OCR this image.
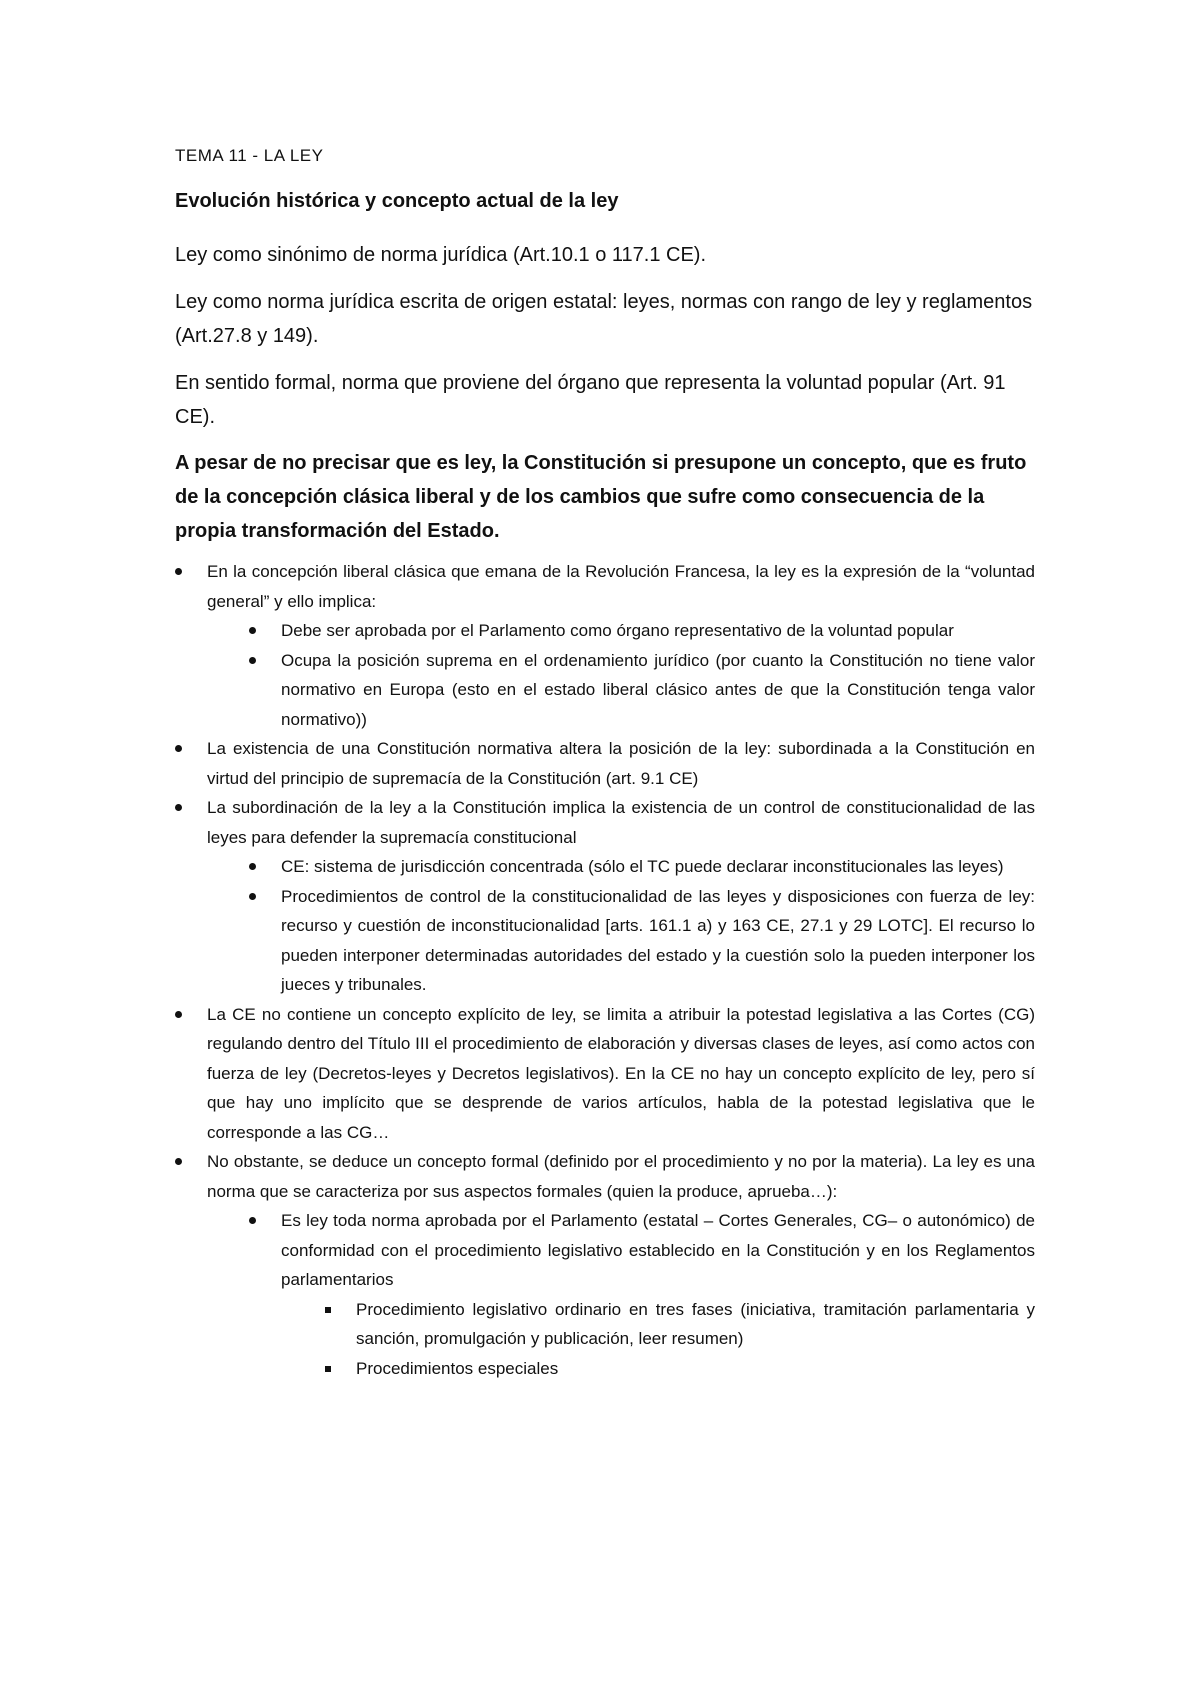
TEMA 11 - LA LEY
Evolución histórica y concepto actual de la ley

Ley como sinónimo de norma jurídica (Art.10.1 o 117.1 CE).

Ley como norma jurídica escrita de origen estatal: leyes, normas con rango de ley y reglamentos (Art.27.8 y 149).

En sentido formal, norma que proviene del órgano que representa la voluntad popular (Art. 91 CE).

A pesar de no precisar que es ley, la Constitución si presupone un concepto, que es fruto de la concepción clásica liberal y de los cambios que sufre como consecuencia de la propia transformación del Estado.

En la concepción liberal clásica que emana de la Revolución Francesa, la ley es la expresión de la “voluntad general” y ello implica:
Debe ser aprobada por el Parlamento como órgano representativo de la voluntad popular
Ocupa la posición suprema en el ordenamiento jurídico (por cuanto la Constitución no tiene valor normativo en Europa (esto en el estado liberal clásico antes de que la Constitución tenga valor normativo))
La existencia de una Constitución normativa altera la posición de la ley: subordinada a la Constitución en virtud del principio de supremacía de la Constitución (art. 9.1 CE)
La subordinación de la ley a la Constitución implica la existencia de un control de constitucionalidad de las leyes para defender la supremacía constitucional
CE: sistema de jurisdicción concentrada (sólo el TC puede declarar inconstitucionales las leyes)
Procedimientos de control de la constitucionalidad de las leyes y disposiciones con fuerza de ley: recurso y cuestión de inconstitucionalidad [arts. 161.1 a) y 163 CE, 27.1 y 29 LOTC]. El recurso lo pueden interponer determinadas autoridades del estado y la cuestión solo la pueden interponer los jueces y tribunales.
La CE no contiene un concepto explícito de ley, se limita a atribuir la potestad legislativa a las Cortes (CG) regulando dentro del Título III el procedimiento de elaboración y diversas clases de leyes, así como actos con fuerza de ley (Decretos-leyes y Decretos legislativos). En la CE no hay un concepto explícito de ley, pero sí que hay uno implícito que se desprende de varios artículos, habla de la potestad legislativa que le corresponde a las CG…
No obstante, se deduce un concepto formal (definido por el procedimiento y no por la materia). La ley es una norma que se caracteriza por sus aspectos formales (quien la produce, aprueba…):
Es ley toda norma aprobada por el Parlamento (estatal – Cortes Generales, CG– o autonómico) de conformidad con el procedimiento legislativo establecido en la Constitución y en los Reglamentos parlamentarios
Procedimiento legislativo ordinario en tres fases (iniciativa, tramitación parlamentaria y sanción, promulgación y publicación, leer resumen)
Procedimientos especiales
